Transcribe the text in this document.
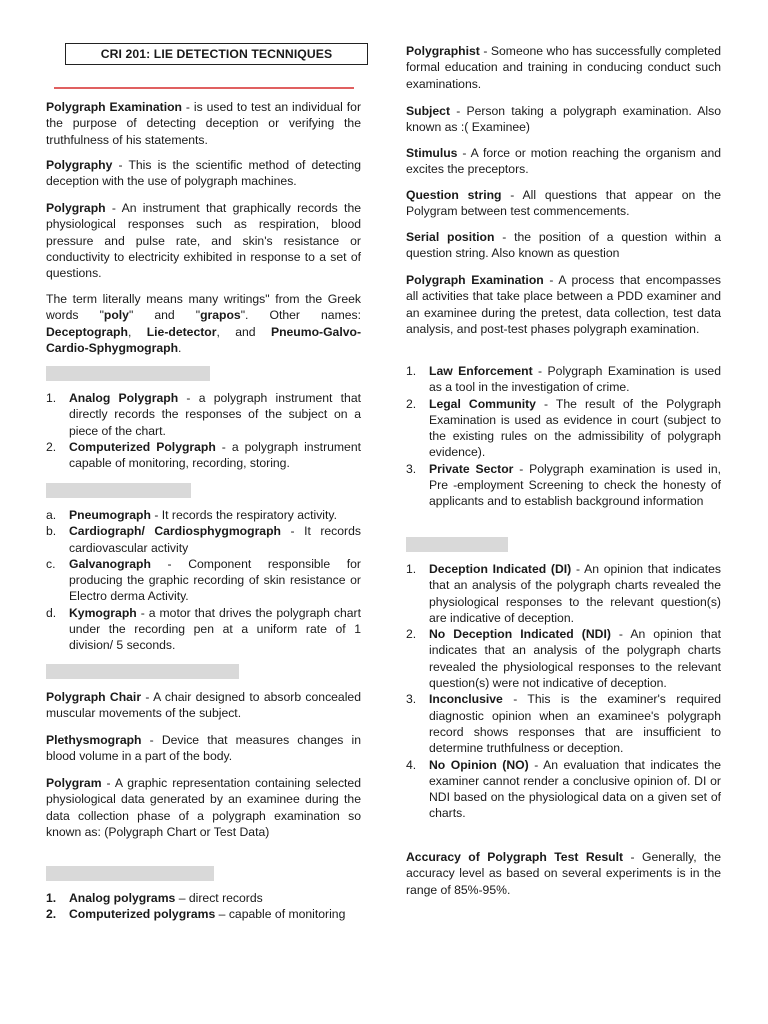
CRI 201: LIE DETECTION TECNNIQUES

Polygraph Examination - is used to test an individual for the purpose of detecting deception or verifying the truthfulness of his statements.

Polygraphy - This is the scientific method of detecting deception with the use of polygraph machines.

Polygraph - An instrument that graphically records the physiological responses such as respiration, blood pressure and pulse rate, and skin's resistance or conductivity to electricity exhibited in response to a set of questions.

The term literally means many writings" from the Greek words "poly" and "grapos". Other names: Deceptograph, Lie-detector, and Pneumo-Galvo-Cardio-Sphygmograph.

1. Analog Polygraph - a polygraph instrument that directly records the responses of the subject on a piece of the chart.
2. Computerized Polygraph - a polygraph instrument capable of monitoring, recording, storing.
a. Pneumograph - It records the respiratory activity.
b. Cardiograph/ Cardiosphygmograph - It records cardiovascular activity
c. Galvanograph - Component responsible for producing the graphic recording of skin resistance or Electro derma Activity.
d. Kymograph - a motor that drives the polygraph chart under the recording pen at a uniform rate of 1 division/ 5 seconds.

Polygraph Chair - A chair designed to absorb concealed muscular movements of the subject.

Plethysmograph - Device that measures changes in blood volume in a part of the body.

Polygram - A graphic representation containing selected physiological data generated by an examinee during the data collection phase of a polygraph examination so known as: (Polygraph Chart or Test Data)

1. Analog polygrams – direct records
2. Computerized polygrams – capable of monitoring

Polygraphist - Someone who has successfully completed formal education and training in conducing conduct such examinations.

Subject - Person taking a polygraph examination. Also known as :( Examinee)

Stimulus - A force or motion reaching the organism and excites the preceptors.

Question string - All questions that appear on the Polygram between test commencements.

Serial position - the position of a question within a question string. Also known as question

Polygraph Examination - A process that encompasses all activities that take place between a PDD examiner and an examinee during the pretest, data collection, test data analysis, and post-test phases polygraph examination.

1. Law Enforcement - Polygraph Examination is used as a tool in the investigation of crime.
2. Legal Community - The result of the Polygraph Examination is used as evidence in court (subject to the existing rules on the admissibility of polygraph evidence).
3. Private Sector - Polygraph examination is used in, Pre -employment Screening to check the honesty of applicants and to establish background information
1. Deception Indicated (DI) - An opinion that indicates that an analysis of the polygraph charts revealed the physiological responses to the relevant question(s) are indicative of deception.
2. No Deception Indicated (NDI) - An opinion that indicates that an analysis of the polygraph charts revealed the physiological responses to the relevant question(s) were not indicative of deception.
3. Inconclusive - This is the examiner's required diagnostic opinion when an examinee's polygraph record shows responses that are insufficient to determine truthfulness or deception.
4. No Opinion (NO) - An evaluation that indicates the examiner cannot render a conclusive opinion of. DI or NDI based on the physiological data on a given set of charts.

Accuracy of Polygraph Test Result - Generally, the accuracy level as based on several experiments is in the range of 85%-95%.
